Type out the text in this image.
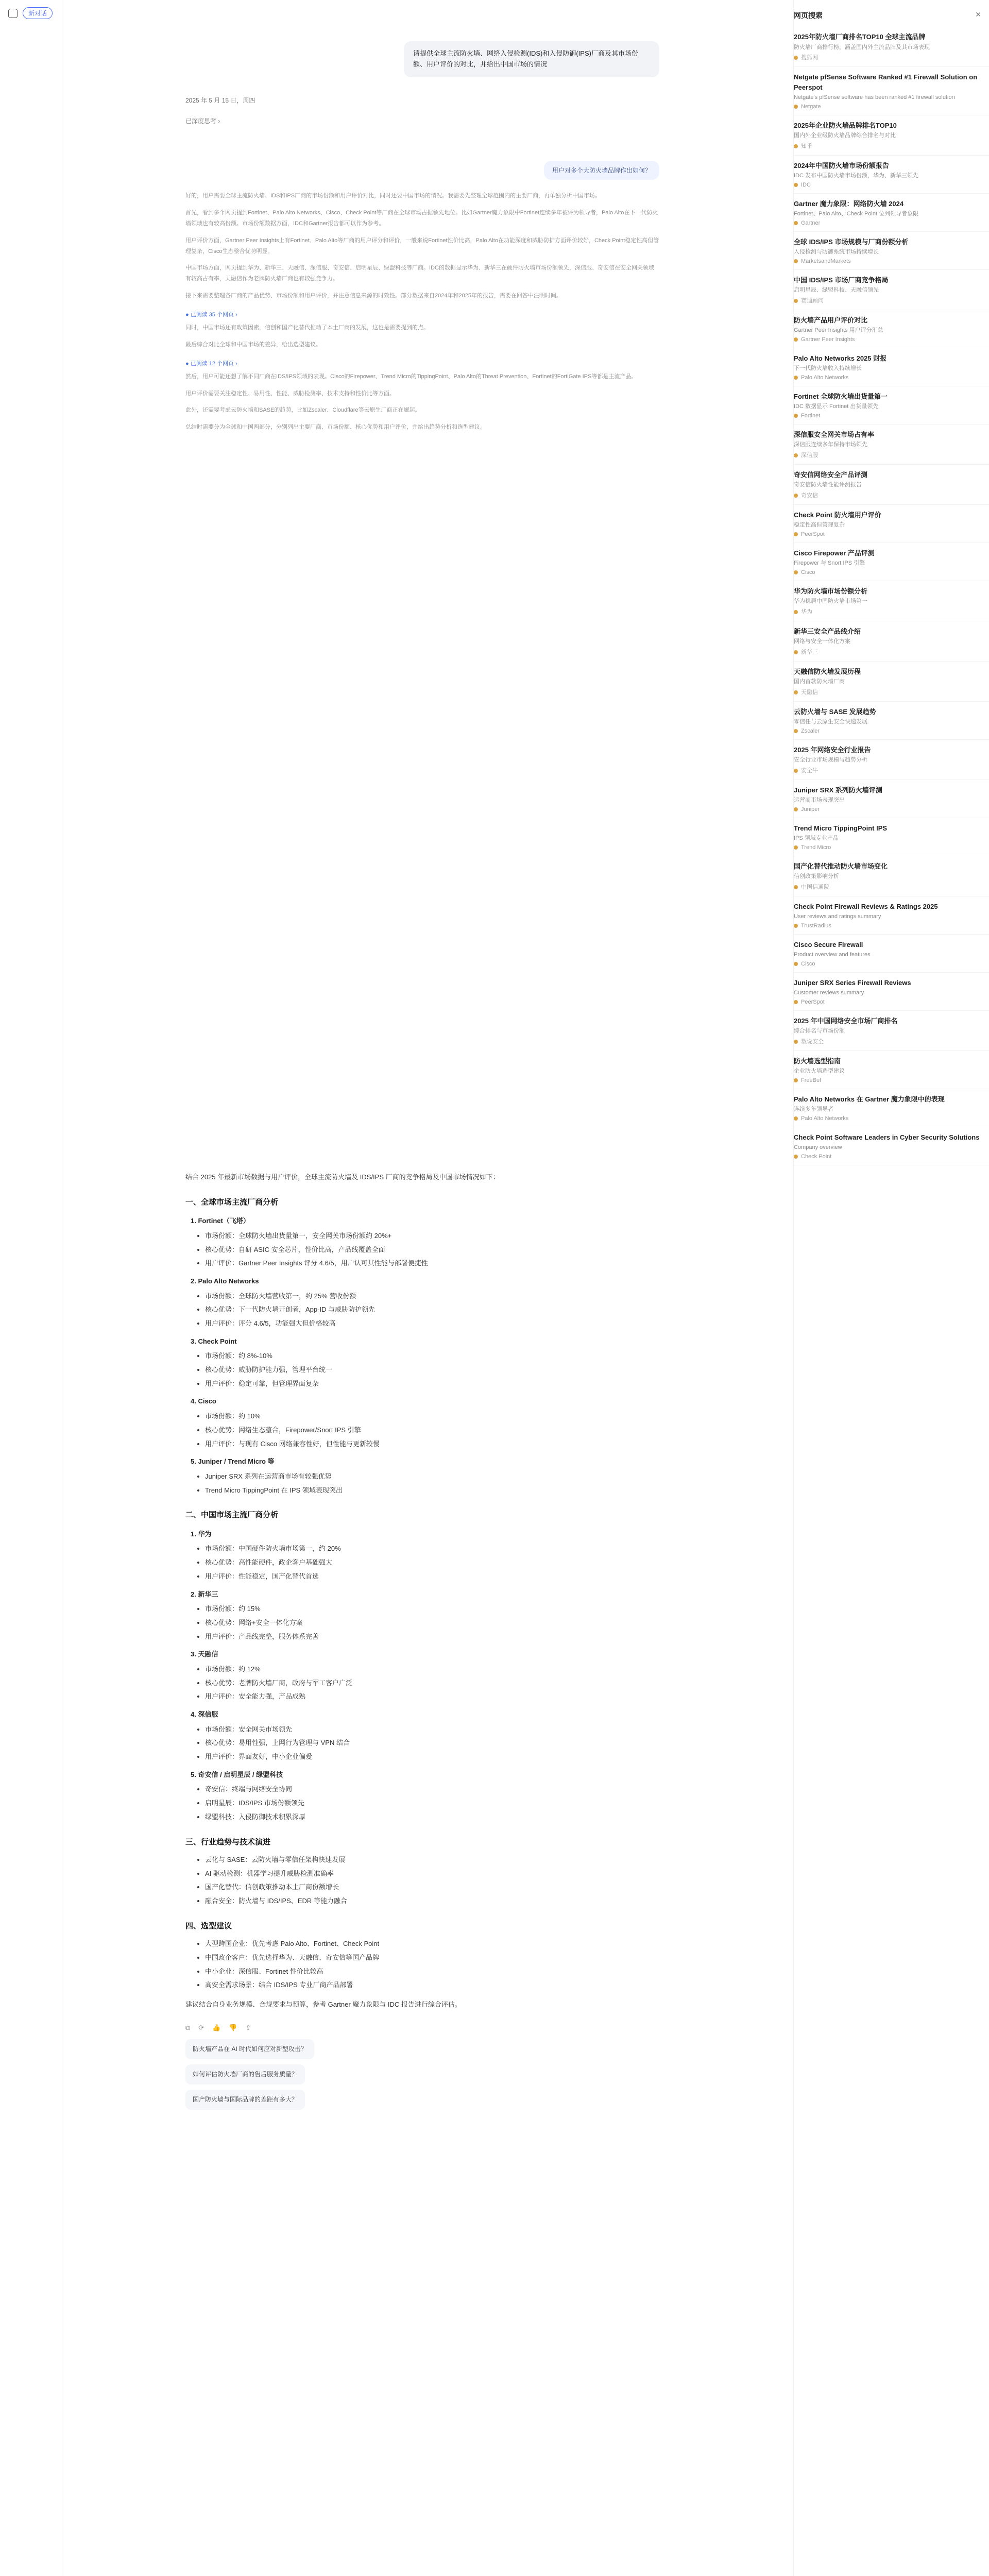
新对话
请提供全球主流防火墙、网络入侵检测(IDS)和入侵防御(IPS)厂商及其市场份额、用户评价的对比，并给出中国市场的情况
2025 年 5 月 15 日，周四
已深度思考 ›
用户对多个大防火墙品牌作出如何？

好的，用户需要全球主流防火墙、IDS和IPS厂商的市场份额和用户评价对比，同时还要中国市场的情况。我需要先整理全球范围内的主要厂商，再单独分析中国市场。

首先，看到多个网页提到Fortinet、Palo Alto Networks、Cisco、Check Point等厂商在全球市场占据领先地位。比如Gartner魔力象限中Fortinet连续多年被评为领导者，Palo Alto在下一代防火墙领域也有较高份额。市场份额数据方面，IDC和Gartner报告都可以作为参考。

用户评价方面，Gartner Peer Insights上有Fortinet、Palo Alto等厂商的用户评分和评价，一般来说Fortinet性价比高，Palo Alto在功能深度和威胁防护方面评价较好，Check Point稳定性高但管理复杂，Cisco生态整合优势明显。

中国市场方面，网页提到华为、新华三、天融信、深信服、奇安信、启明星辰、绿盟科技等厂商。IDC的数据显示华为、新华三在硬件防火墙市场份额领先，深信服、奇安信在安全网关领域有较高占有率，天融信作为老牌防火墙厂商也有较强竞争力。

接下来需要整理各厂商的产品优势、市场份额和用户评价，并注意信息来源的时效性。部分数据来自2024年和2025年的报告，需要在回答中注明时间。

● 已阅读 35 个网页 ›

同时，中国市场还有政策因素，信创和国产化替代推动了本土厂商的发展，这也是需要提到的点。

最后综合对比全球和中国市场的差异，给出选型建议。

● 已阅读 12 个网页 ›

然后，用户可能还想了解不同厂商在IDS/IPS领域的表现。Cisco的Firepower、Trend Micro的TippingPoint、Palo Alto的Threat Prevention、Fortinet的FortiGate IPS等都是主流产品。

用户评价需要关注稳定性、易用性、性能、威胁检测率、技术支持和性价比等方面。

此外，还需要考虑云防火墙和SASE的趋势，比如Zscaler、Cloudflare等云原生厂商正在崛起。

总结时需要分为全球和中国两部分，分别列出主要厂商、市场份额、核心优势和用户评价，并给出趋势分析和选型建议。

结合 2025 年最新市场数据与用户评价，全球主流防火墙及 IDS/IPS 厂商的竞争格局及中国市场情况如下：

一、全球市场主流厂商分析
1. Fortinet（飞塔）
• 市场份额：全球防火墙出货量第一，安全网关市场份额约 20%+
• 核心优势：自研 ASIC 安全芯片，性价比高，产品线覆盖全面
• 用户评价：Gartner Peer Insights 评分 4.6/5，用户认可其性能与部署便捷性
2. Palo Alto Networks
• 市场份额：全球防火墙营收第一，约 25% 营收份额
• 核心优势：下一代防火墙开创者，App-ID 与威胁防护领先
• 用户评价：评分 4.6/5，功能强大但价格较高
3. Check Point
• 市场份额：约 8%-10%
• 核心优势：威胁防护能力强，管理平台统一
• 用户评价：稳定可靠，但管理界面复杂
4. Cisco
• 市场份额：约 10%
• 核心优势：网络生态整合，Firepower/Snort IPS 引擎
• 用户评价：与现有 Cisco 网络兼容性好，但性能与更新较慢
5. Juniper / Trend Micro 等
• Juniper SRX 系列在运营商市场有较强优势
• Trend Micro TippingPoint 在 IPS 领域表现突出
二、中国市场主流厂商分析
1. 华为
• 市场份额：中国硬件防火墙市场第一，约 20%
• 核心优势：高性能硬件，政企客户基础强大
• 用户评价：性能稳定，国产化替代首选
2. 新华三
• 市场份额：约 15%
• 核心优势：网络+安全一体化方案
• 用户评价：产品线完整，服务体系完善
3. 天融信
• 市场份额：约 12%
• 核心优势：老牌防火墙厂商，政府与军工客户广泛
• 用户评价：安全能力强，产品成熟
4. 深信服
• 市场份额：安全网关市场领先
• 核心优势：易用性强，上网行为管理与 VPN 结合
• 用户评价：界面友好，中小企业偏爱
5. 奇安信 / 启明星辰 / 绿盟科技
• 奇安信：终端与网络安全协同
• 启明星辰：IDS/IPS 市场份额领先
• 绿盟科技：入侵防御技术积累深厚
三、行业趋势与技术演进
• 云化与 SASE：云防火墙与零信任架构快速发展
• AI 驱动检测：机器学习提升威胁检测准确率
• 国产化替代：信创政策推动本土厂商份额增长
• 融合安全：防火墙与 IDS/IPS、EDR 等能力融合
四、选型建议
• 大型跨国企业：优先考虑 Palo Alto、Fortinet、Check Point
• 中国政企客户：优先选择华为、天融信、奇安信等国产品牌
• 中小企业：深信服、Fortinet 性价比较高
• 高安全需求场景：结合 IDS/IPS 专业厂商产品部署

建议结合自身业务规模、合规要求与预算，参考 Gartner 魔力象限与 IDC 报告进行综合评估。

⧉ ⟳ 👍 👎 ⇪
防火墙产品在 AI 时代如何应对新型攻击？
如何评估防火墙厂商的售后服务质量？
国产防火墙与国际品牌的差距有多大？
网页搜索	✕
2025年防火墙厂商排名TOP10 全球主流品牌
防火墙厂商排行榜，涵盖国内外主流品牌及其市场表现
搜狐网
Netgate pfSense Software Ranked #1 Firewall Solution on Peerspot
Netgate's pfSense software has been ranked #1 firewall solution
Netgate
2025年企业防火墙品牌排名TOP10
国内外企业级防火墙品牌综合排名与对比
知乎
2024年中国防火墙市场份额报告
IDC 发布中国防火墙市场份额，华为、新华三领先
IDC
Gartner 魔力象限：网络防火墙 2024
Fortinet、Palo Alto、Check Point 位列领导者象限
Gartner
全球 IDS/IPS 市场规模与厂商份额分析
入侵检测与防御系统市场持续增长
MarketsandMarkets
中国 IDS/IPS 市场厂商竞争格局
启明星辰、绿盟科技、天融信领先
赛迪顾问
防火墙产品用户评价对比
Gartner Peer Insights 用户评分汇总
Gartner Peer Insights
Palo Alto Networks 2025 财报
下一代防火墙收入持续增长
Palo Alto Networks
Fortinet 全球防火墙出货量第一
IDC 数据显示 Fortinet 出货量领先
Fortinet
深信服安全网关市场占有率
深信服连续多年保持市场领先
深信服
奇安信网络安全产品评测
奇安信防火墙性能评测报告
奇安信
Check Point 防火墙用户评价
稳定性高但管理复杂
PeerSpot
Cisco Firepower 产品评测
Firepower 与 Snort IPS 引擎
Cisco
华为防火墙市场份额分析
华为稳居中国防火墙市场第一
华为
新华三安全产品线介绍
网络与安全一体化方案
新华三
天融信防火墙发展历程
国内首款防火墙厂商
天融信
云防火墙与 SASE 发展趋势
零信任与云原生安全快速发展
Zscaler
2025 年网络安全行业报告
安全行业市场规模与趋势分析
安全牛
Juniper SRX 系列防火墙评测
运营商市场表现突出
Juniper
Trend Micro TippingPoint IPS
IPS 领域专业产品
Trend Micro
国产化替代推动防火墙市场变化
信创政策影响分析
中国信通院
Check Point Firewall Reviews & Ratings 2025
User reviews and ratings summary
TrustRadius
Cisco Secure Firewall
Product overview and features
Cisco
Juniper SRX Series Firewall Reviews
Customer reviews summary
PeerSpot
2025 年中国网络安全市场厂商排名
综合排名与市场份额
数说安全
防火墙选型指南
企业防火墙选型建议
FreeBuf
Palo Alto Networks 在 Gartner 魔力象限中的表现
连续多年领导者
Palo Alto Networks
Check Point Software Leaders in Cyber Security Solutions
Company overview
Check Point
